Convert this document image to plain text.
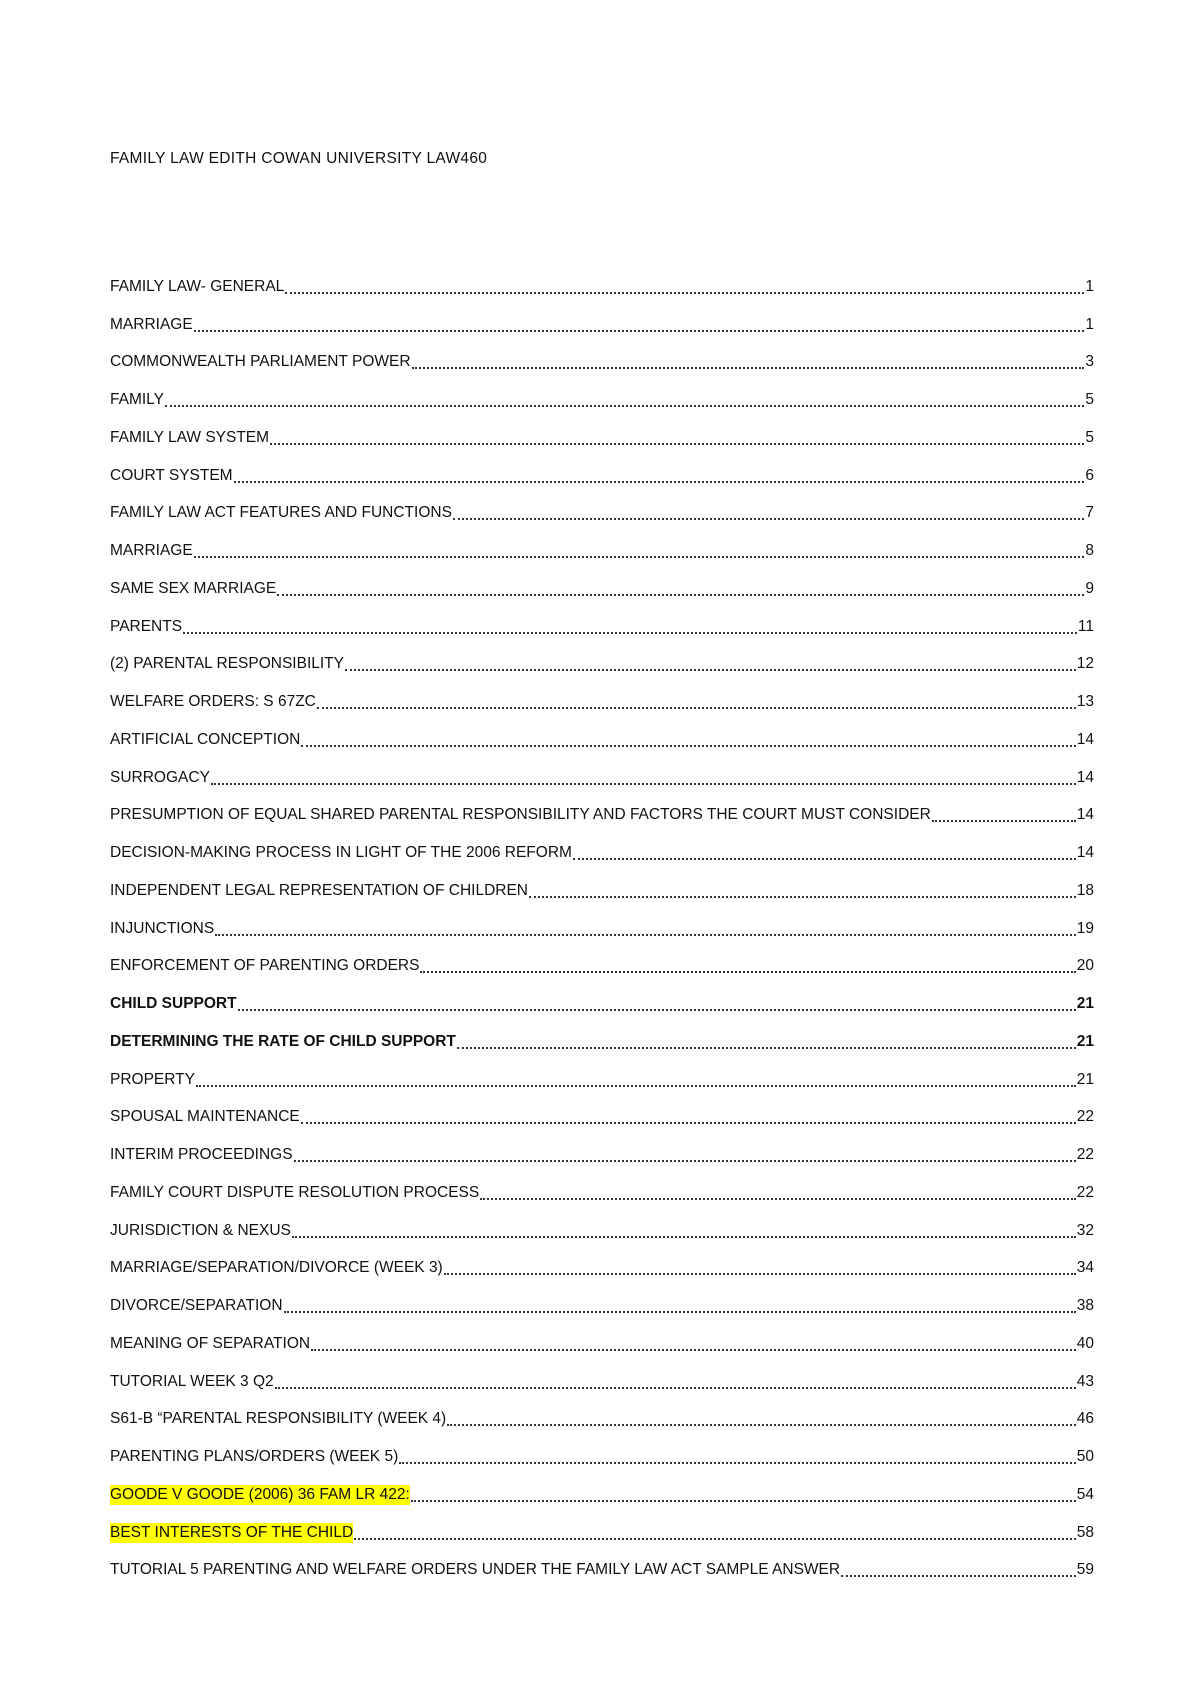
FAMILY LAW EDITH COWAN UNIVERSITY LAW460
FAMILY LAW- GENERAL	1
MARRIAGE	1
COMMONWEALTH PARLIAMENT POWER	3
FAMILY	5
FAMILY LAW SYSTEM	5
COURT SYSTEM	6
FAMILY LAW ACT FEATURES AND FUNCTIONS	7
MARRIAGE	8
SAME SEX MARRIAGE	9
PARENTS	11
(2) PARENTAL RESPONSIBILITY	12
WELFARE ORDERS: S 67ZC	13
ARTIFICIAL CONCEPTION	14
SURROGACY	14
PRESUMPTION OF EQUAL SHARED PARENTAL RESPONSIBILITY AND FACTORS THE COURT MUST CONSIDER	14
DECISION-MAKING PROCESS IN LIGHT OF THE 2006 REFORM	14
INDEPENDENT LEGAL REPRESENTATION OF CHILDREN	18
INJUNCTIONS	19
ENFORCEMENT OF PARENTING ORDERS	20
CHILD SUPPORT	21
DETERMINING THE RATE OF CHILD SUPPORT	21
PROPERTY	21
SPOUSAL MAINTENANCE	22
INTERIM PROCEEDINGS	22
FAMILY COURT DISPUTE RESOLUTION PROCESS	22
JURISDICTION & NEXUS	32
MARRIAGE/SEPARATION/DIVORCE (WEEK 3)	34
DIVORCE/SEPARATION	38
MEANING OF SEPARATION	40
TUTORIAL WEEK 3 Q2	43
S61-B “PARENTAL RESPONSIBILITY (WEEK 4)	46
PARENTING PLANS/ORDERS (WEEK 5)	50
GOODE V GOODE (2006) 36 FAM LR 422:	54
BEST INTERESTS OF THE CHILD	58
TUTORIAL 5 PARENTING AND WELFARE ORDERS UNDER THE FAMILY LAW ACT SAMPLE ANSWER	59
